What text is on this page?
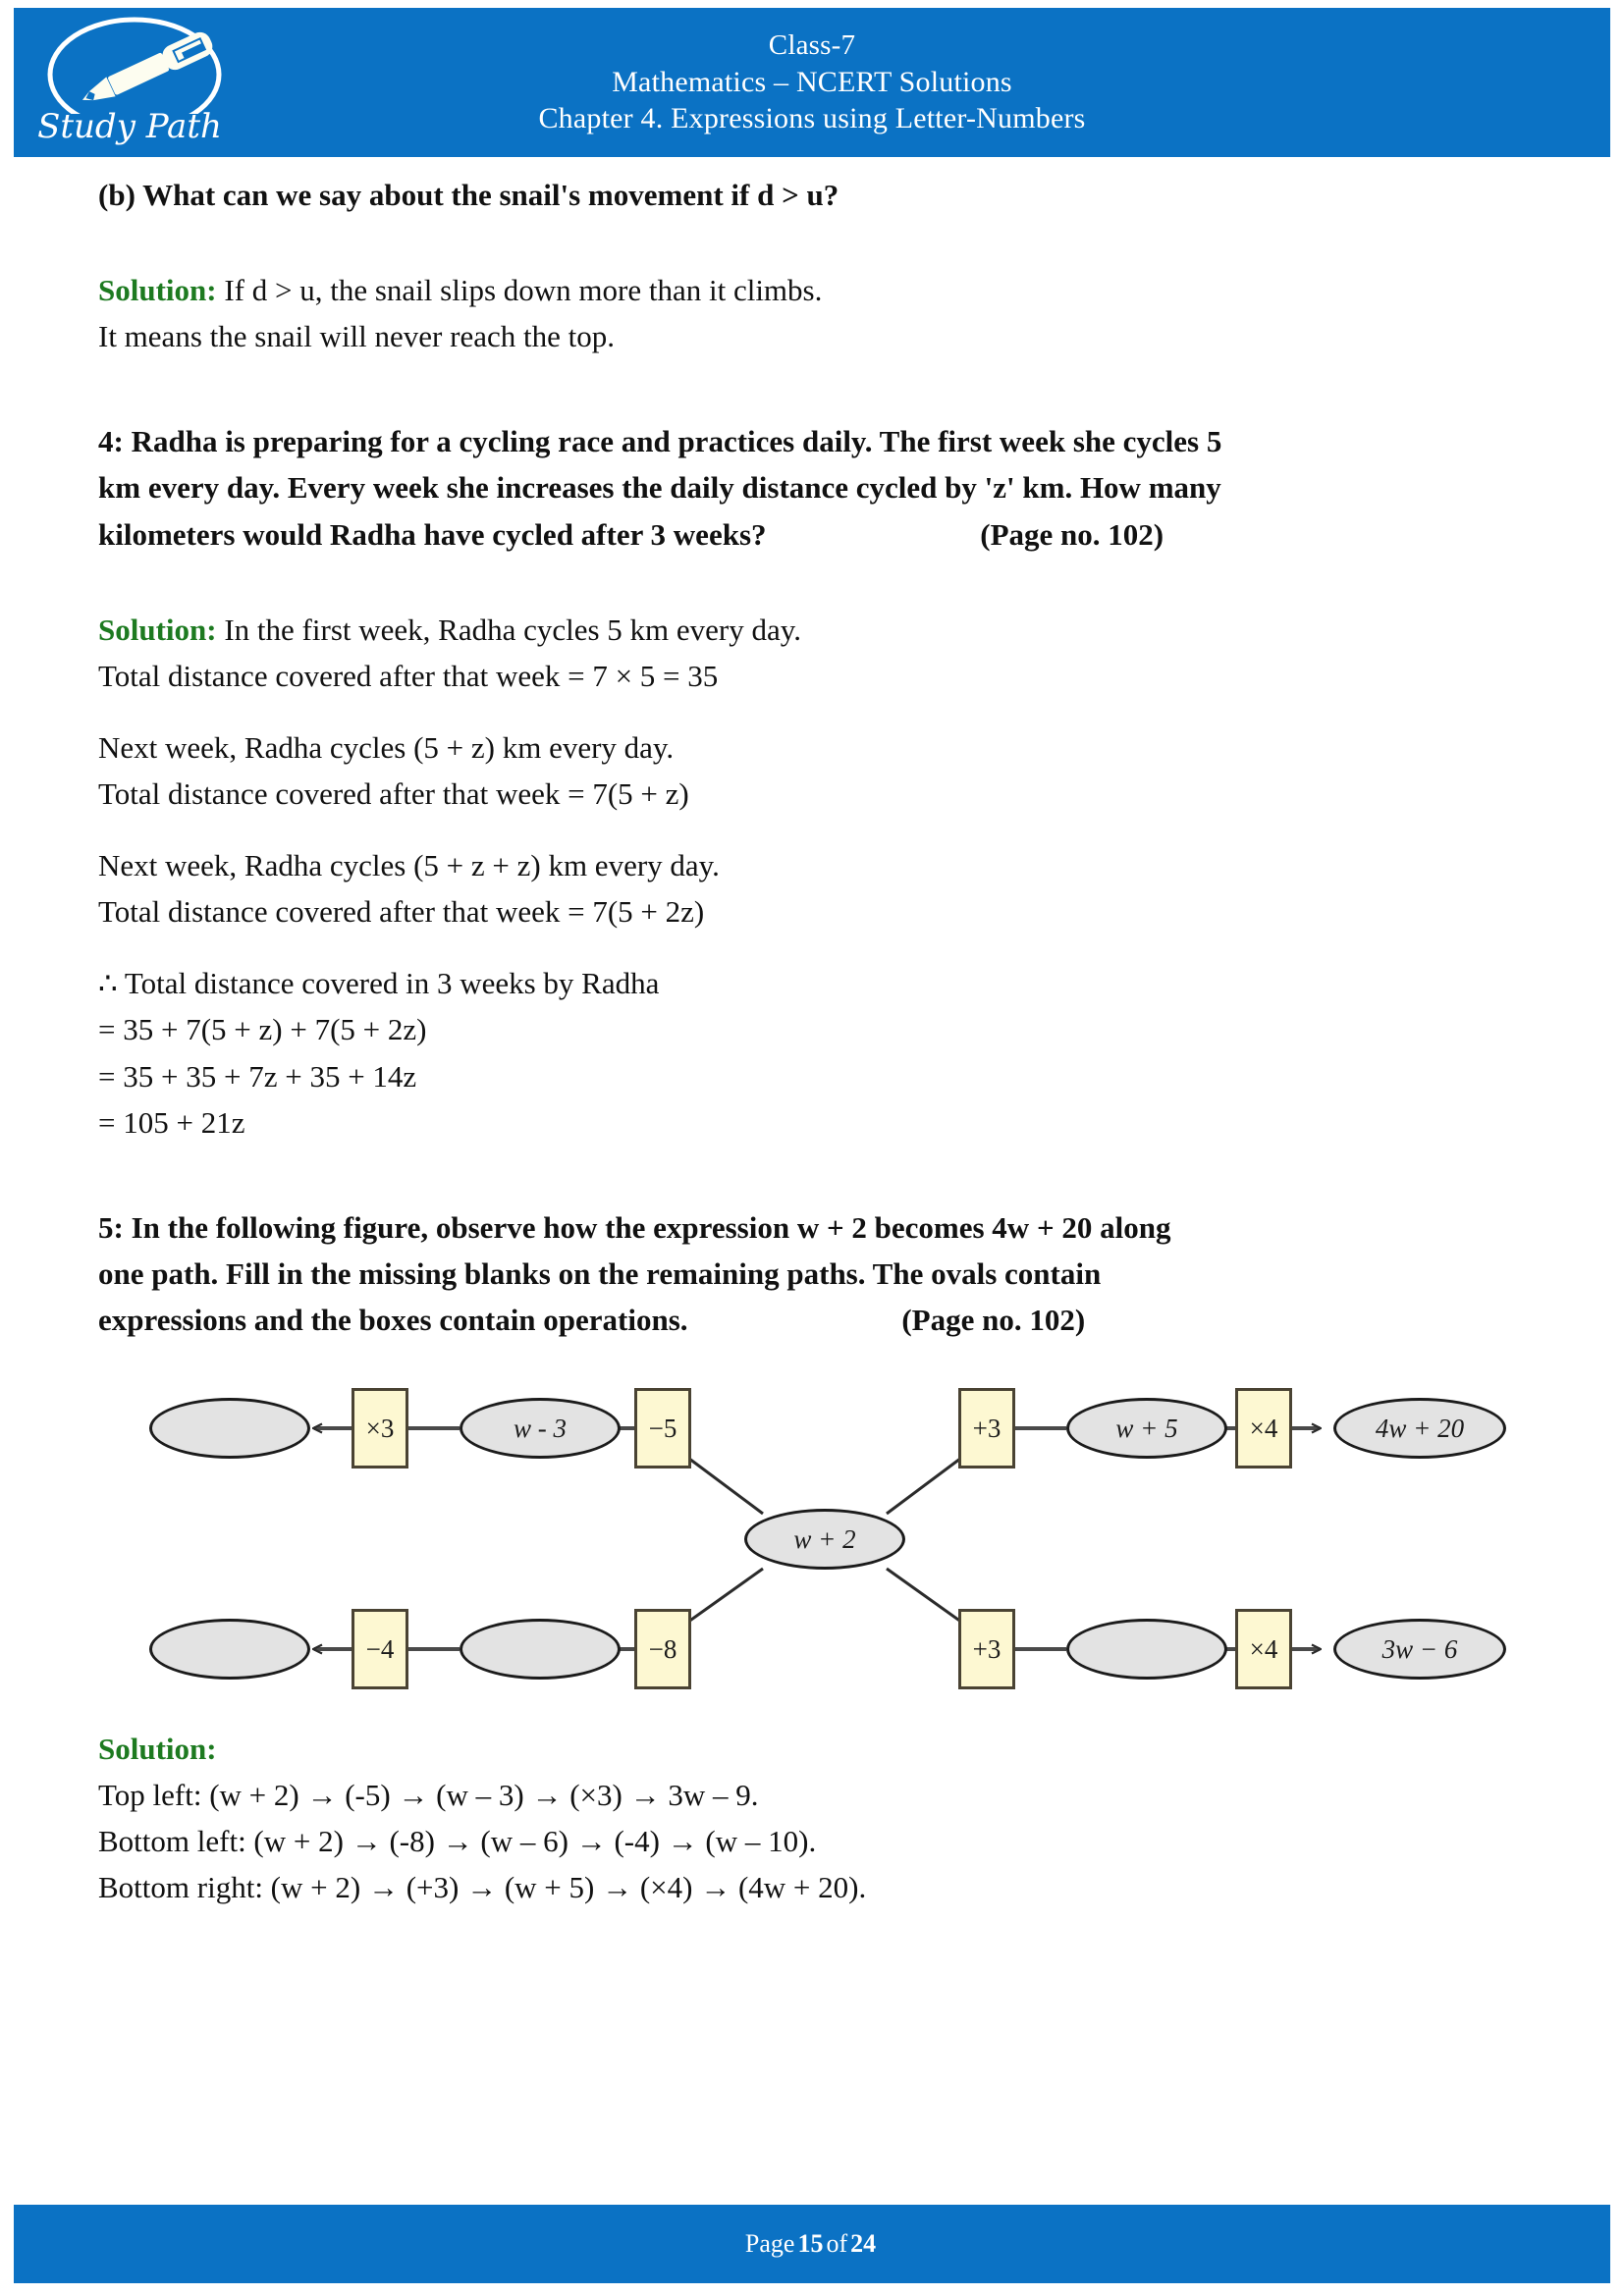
Study Path
Class-7
Mathematics – NCERT Solutions
Chapter 4. Expressions using Letter-Numbers
(b) What can we say about the snail's movement if d > u?
Solution: If d > u, the snail slips down more than it climbs.
It means the snail will never reach the top.
4: Radha is preparing for a cycling race and practices daily. The first week she cycles 5
km every day. Every week she increases the daily distance cycled by 'z' km. How many
kilometers would Radha have cycled after 3 weeks?	(Page no. 102)
Solution: In the first week, Radha cycles 5 km every day.
Total distance covered after that week = 7 × 5 = 35
Next week, Radha cycles (5 + z) km every day.
Total distance covered after that week = 7(5 + z)
Next week, Radha cycles (5 + z + z) km every day.
Total distance covered after that week = 7(5 + 2z)
∴ Total distance covered in 3 weeks by Radha
= 35 + 7(5 + z) + 7(5 + 2z)
= 35 + 35 + 7z + 35 + 14z
= 105 + 21z
5: In the following figure, observe how the expression w + 2 becomes 4w + 20 along
one path. Fill in the missing blanks on the remaining paths. The ovals contain
expressions and the boxes contain operations.	(Page no. 102)
×3	w - 3	−5	+3	w + 5	×4	4w + 20
w + 2
−4	−8	+3	×4	3w − 6
Solution:
Top left: (w + 2) → (-5) → (w – 3) → (×3) → 3w – 9.
Bottom left: (w + 2) → (-8) → (w – 6) → (-4) → (w – 10).
Bottom right: (w + 2) → (+3) → (w + 5) → (×4) → (4w + 20).
Page 15 of 24
